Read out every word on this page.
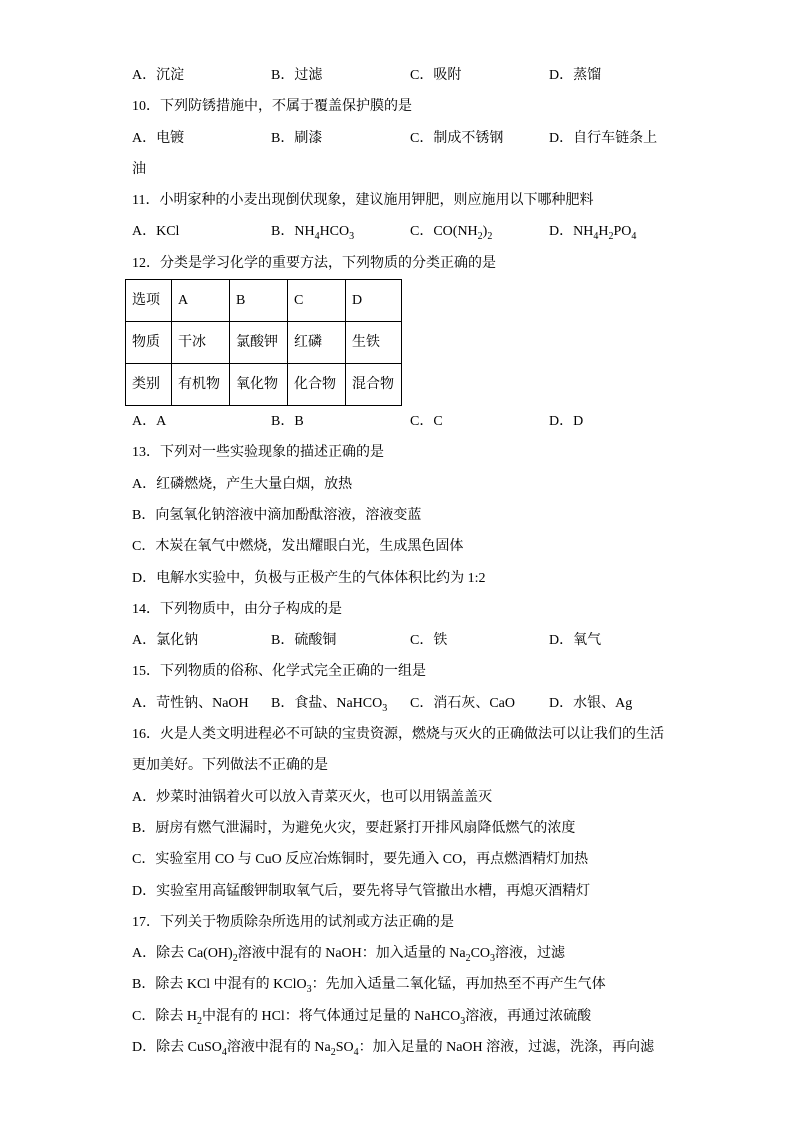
A．沉淀	B．过滤	C．吸附	D．蒸馏
10．下列防锈措施中，不属于覆盖保护膜的是
A．电镀	B．刷漆	C．制成不锈钢	D．自行车链条上
油
11．小明家种的小麦出现倒伏现象，建议施用钾肥，则应施用以下哪种肥料
A．KCl	B．$NH_4HCO_3$	C．$CO(NH_2)_2$	D．$NH_4H_2PO_4$
12．分类是学习化学的重要方法，下列物质的分类正确的是
选项	A	B	C	D
物质	干冰	氯酸钾	红磷	生铁
类别	有机物	氧化物	化合物	混合物
A．A	B．B	C．C	D．D
13．下列对一些实验现象的描述正确的是
A．红磷燃烧，产生大量白烟，放热
B．向氢氧化钠溶液中滴加酚酞溶液，溶液变蓝
C．木炭在氧气中燃烧，发出耀眼白光，生成黑色固体
D．电解水实验中，负极与正极产生的气体体积比约为 1:2
14．下列物质中，由分子构成的是
A．氯化钠	B．硫酸铜	C．铁	D．氧气
15．下列物质的俗称、化学式完全正确的一组是
A．苛性钠、NaOH	B．食盐、NaHCO$_3$	C．消石灰、CaO	D．水银、Ag
16．火是人类文明进程必不可缺的宝贵资源，燃烧与灭火的正确做法可以让我们的生活
更加美好。下列做法不正确的是
A．炒菜时油锅着火可以放入青菜灭火，也可以用锅盖盖灭
B．厨房有燃气泄漏时，为避免火灾，要赶紧打开排风扇降低燃气的浓度
C．实验室用 CO 与 CuO 反应冶炼铜时，要先通入 CO，再点燃酒精灯加热
D．实验室用高锰酸钾制取氧气后，要先将导气管撤出水槽，再熄灭酒精灯
17．下列关于物质除杂所选用的试剂或方法正确的是
A．除去 $Ca(OH)_2$溶液中混有的 NaOH：加入适量的 $Na_2CO_3$溶液，过滤
B．除去 KCl 中混有的 KClO$_3$：先加入适量二氧化锰，再加热至不再产生气体
C．除去 $H_2$中混有的 HCl：将气体通过足量的 NaHCO$_3$溶液，再通过浓硫酸
D．除去 CuSO$_4$溶液中混有的 $Na_2SO_4$：加入足量的 NaOH 溶液，过滤，洗涤，再向滤
